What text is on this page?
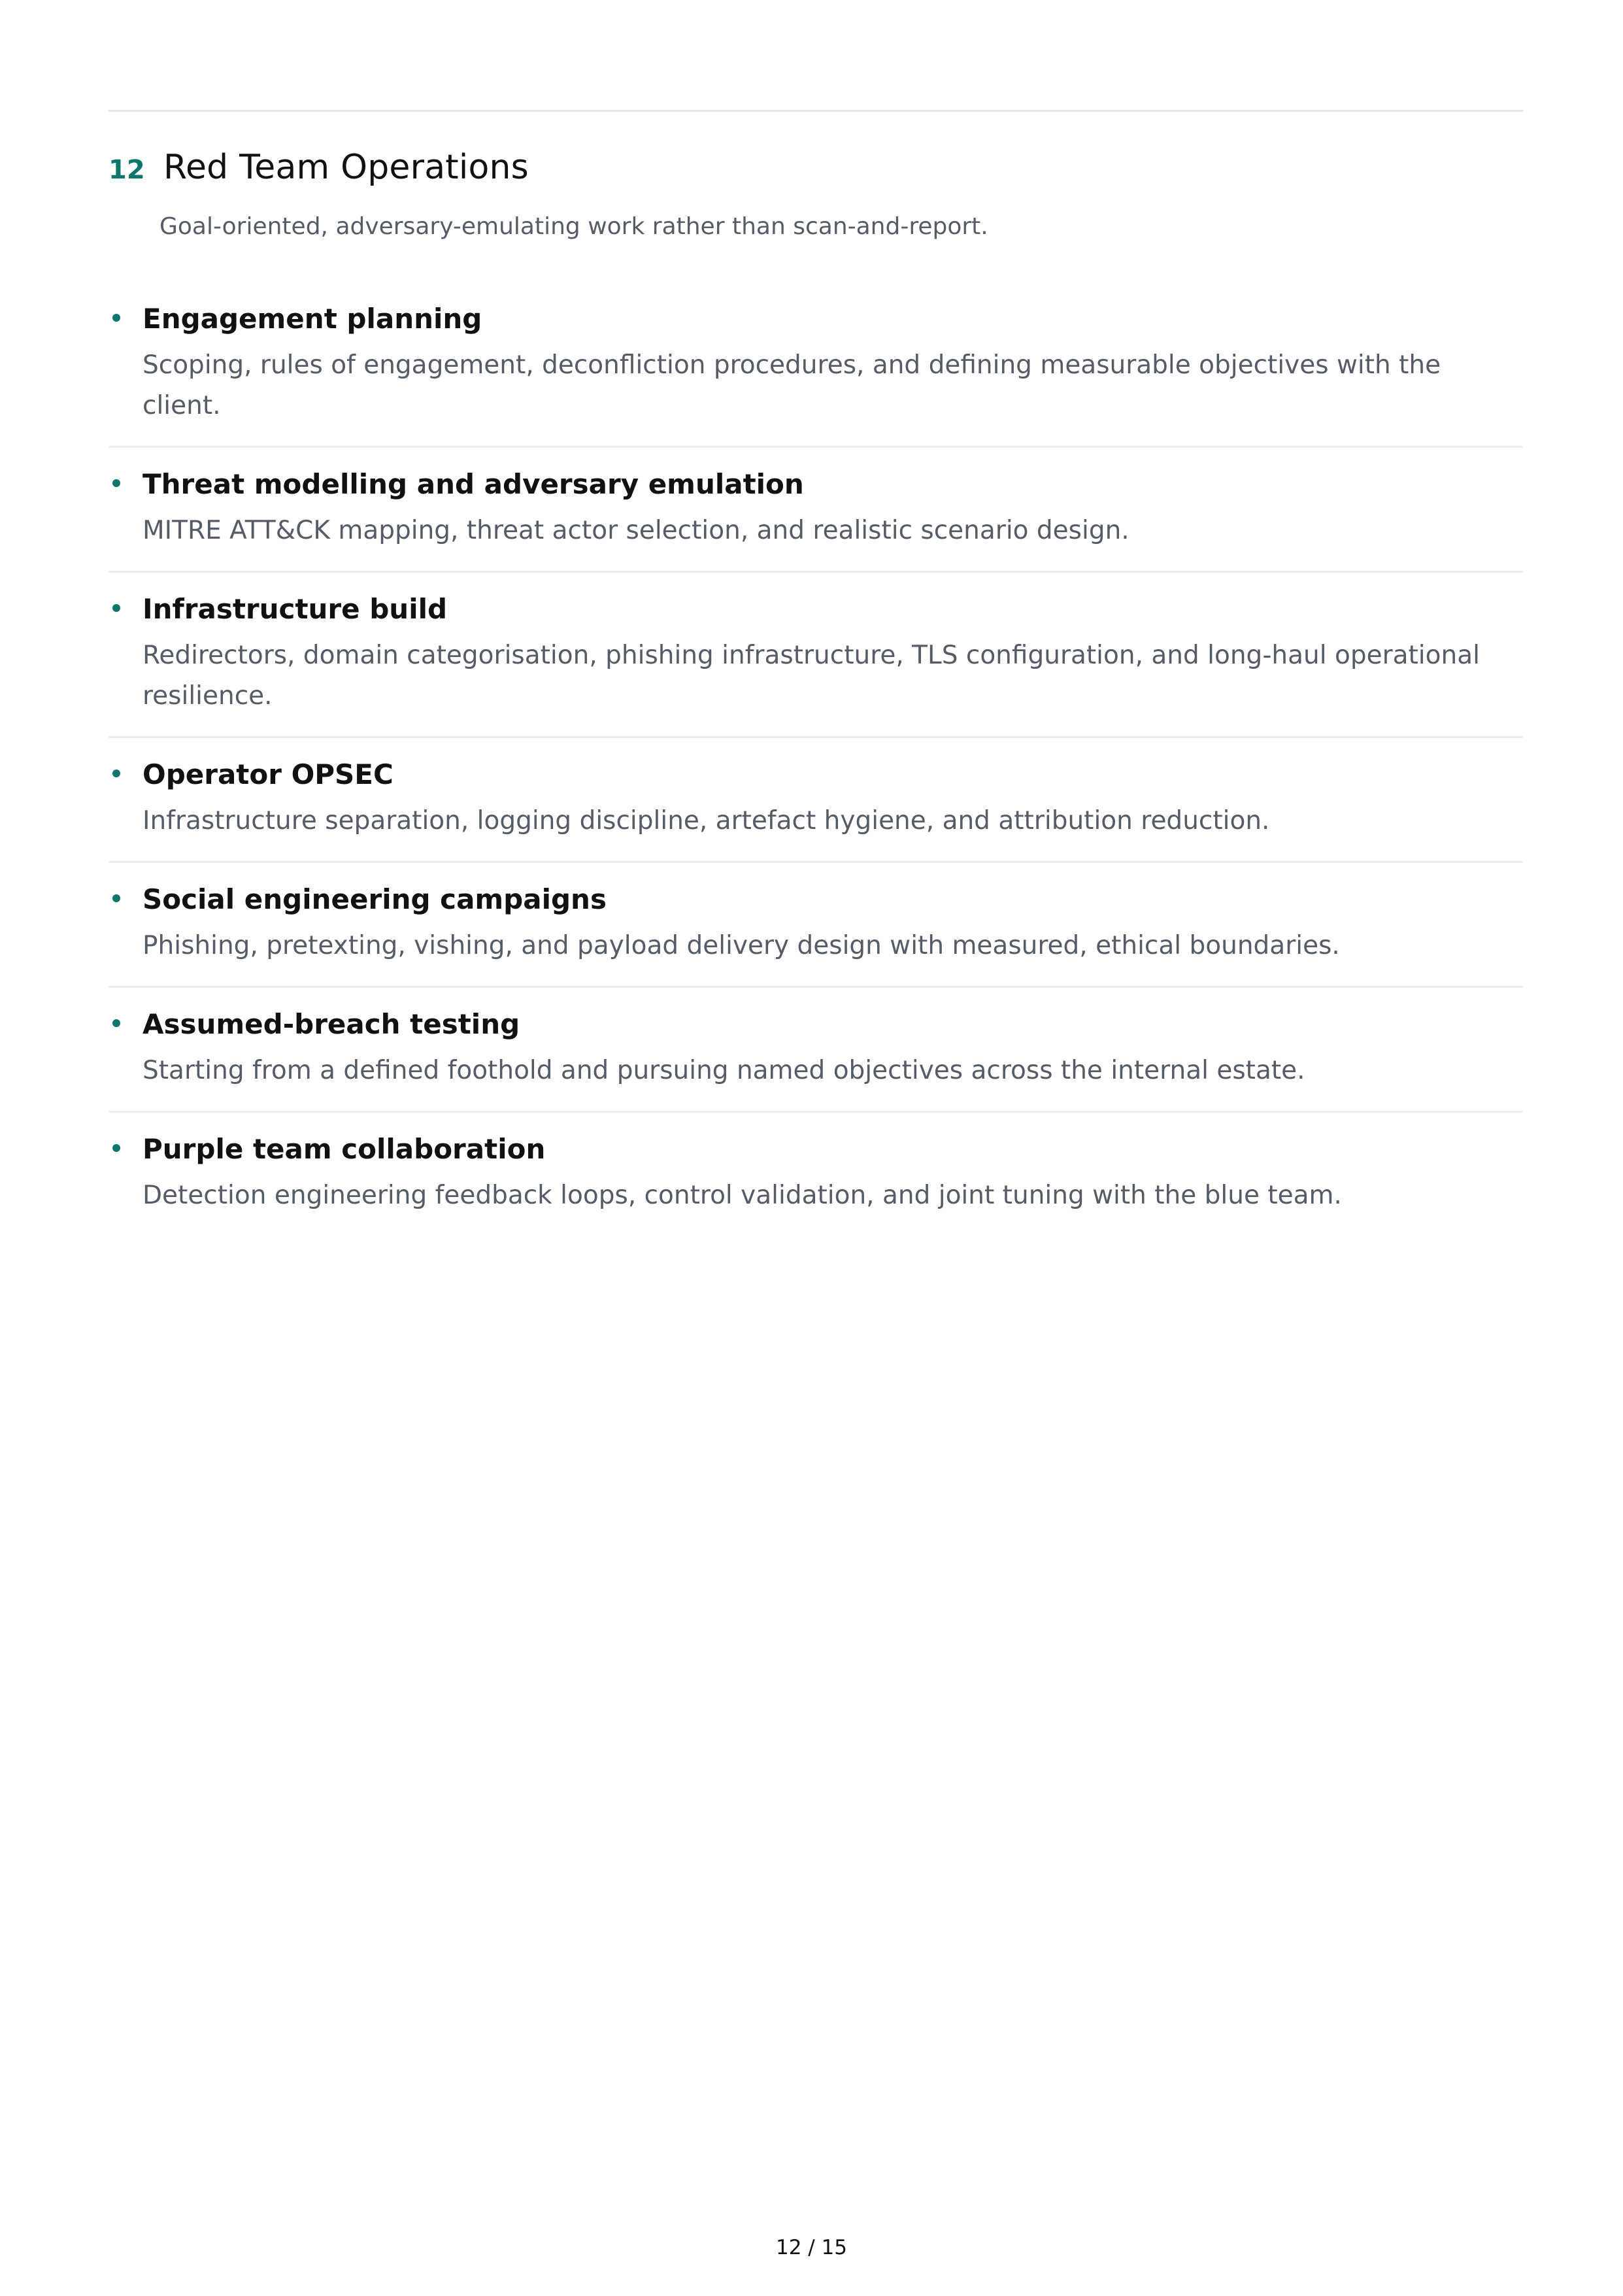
12 Red Team Operations
Goal-oriented, adversary-emulating work rather than scan-and-report.
Engagement planning
Scoping, rules of engagement, deconfliction procedures, and defining measurable objectives with the client.
Threat modelling and adversary emulation
MITRE ATT&CK mapping, threat actor selection, and realistic scenario design.
Infrastructure build
Redirectors, domain categorisation, phishing infrastructure, TLS configuration, and long-haul operational resilience.
Operator OPSEC
Infrastructure separation, logging discipline, artefact hygiene, and attribution reduction.
Social engineering campaigns
Phishing, pretexting, vishing, and payload delivery design with measured, ethical boundaries.
Assumed-breach testing
Starting from a defined foothold and pursuing named objectives across the internal estate.
Purple team collaboration
Detection engineering feedback loops, control validation, and joint tuning with the blue team.
12 / 15
